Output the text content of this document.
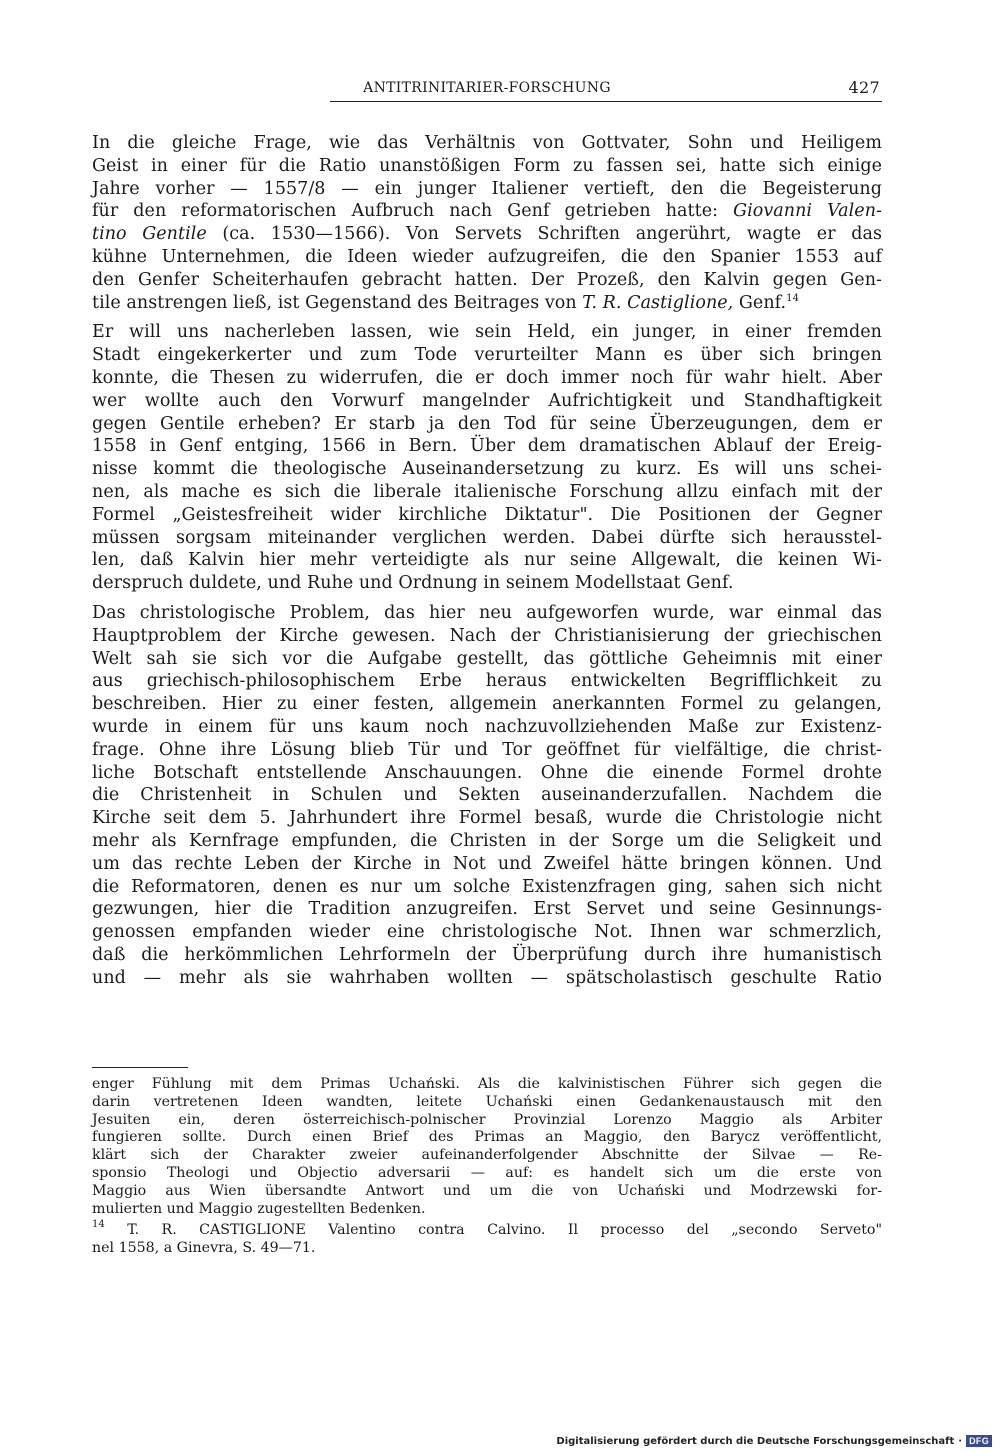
ANTITRINITARIER-FORSCHUNG	427
In die gleiche Frage, wie das Verhältnis von Gottvater, Sohn und Heiligem
Geist in einer für die Ratio unanstößigen Form zu fassen sei, hatte sich einige
Jahre vorher — 1557/8 — ein junger Italiener vertieft, den die Begeisterung
für den reformatorischen Aufbruch nach Genf getrieben hatte: Giovanni Valen-
tino Gentile (ca. 1530—1566). Von Servets Schriften angerührt, wagte er das
kühne Unternehmen, die Ideen wieder aufzugreifen, die den Spanier 1553 auf
den Genfer Scheiterhaufen gebracht hatten. Der Prozeß, den Kalvin gegen Gen-
tile anstrengen ließ, ist Gegenstand des Beitrages von T. R. Castiglione, Genf.$^{14}$
Er will uns nacherleben lassen, wie sein Held, ein junger, in einer fremden
Stadt eingekerkerter und zum Tode verurteilter Mann es über sich bringen
konnte, die Thesen zu widerrufen, die er doch immer noch für wahr hielt. Aber
wer wollte auch den Vorwurf mangelnder Aufrichtigkeit und Standhaftigkeit
gegen Gentile erheben? Er starb ja den Tod für seine Überzeugungen, dem er
1558 in Genf entging, 1566 in Bern. Über dem dramatischen Ablauf der Ereig-
nisse kommt die theologische Auseinandersetzung zu kurz. Es will uns schei-
nen, als mache es sich die liberale italienische Forschung allzu einfach mit der
Formel „Geistesfreiheit wider kirchliche Diktatur". Die Positionen der Gegner
müssen sorgsam miteinander verglichen werden. Dabei dürfte sich herausstel-
len, daß Kalvin hier mehr verteidigte als nur seine Allgewalt, die keinen Wi-
derspruch duldete, und Ruhe und Ordnung in seinem Modellstaat Genf.
Das christologische Problem, das hier neu aufgeworfen wurde, war einmal das
Hauptproblem der Kirche gewesen. Nach der Christianisierung der griechischen
Welt sah sie sich vor die Aufgabe gestellt, das göttliche Geheimnis mit einer
aus griechisch-philosophischem Erbe heraus entwickelten Begrifflichkeit zu
beschreiben. Hier zu einer festen, allgemein anerkannten Formel zu gelangen,
wurde in einem für uns kaum noch nachzuvollziehenden Maße zur Existenz-
frage. Ohne ihre Lösung blieb Tür und Tor geöffnet für vielfältige, die christ-
liche Botschaft entstellende Anschauungen. Ohne die einende Formel drohte
die Christenheit in Schulen und Sekten auseinanderzufallen. Nachdem die
Kirche seit dem 5. Jahrhundert ihre Formel besaß, wurde die Christologie nicht
mehr als Kernfrage empfunden, die Christen in der Sorge um die Seligkeit und
um das rechte Leben der Kirche in Not und Zweifel hätte bringen können. Und
die Reformatoren, denen es nur um solche Existenzfragen ging, sahen sich nicht
gezwungen, hier die Tradition anzugreifen. Erst Servet und seine Gesinnungs-
genossen empfanden wieder eine christologische Not. Ihnen war schmerzlich,
daß die herkömmlichen Lehrformeln der Überprüfung durch ihre humanistisch
und — mehr als sie wahrhaben wollten — spätscholastisch geschulte Ratio
enger Fühlung mit dem Primas Uchański. Als die kalvinistischen Führer sich gegen die
darin vertretenen Ideen wandten, leitete Uchański einen Gedankenaustausch mit den
Jesuiten ein, deren österreichisch-polnischer Provinzial Lorenzo Maggio als Arbiter
fungieren sollte. Durch einen Brief des Primas an Maggio, den Barycz veröffentlicht,
klärt sich der Charakter zweier aufeinanderfolgender Abschnitte der Silvae — Re-
sponsio Theologi und Objectio adversarii — auf: es handelt sich um die erste von
Maggio aus Wien übersandte Antwort und um die von Uchański und Modrzewski for-
mulierten und Maggio zugestellten Bedenken.
$^{14}$ T. R. CASTIGLIONE Valentino contra Calvino. Il processo del „secondo Serveto"
nel 1558, a Ginevra, S. 49—71.
Digitalisierung gefördert durch die Deutsche Forschungsgemeinschaft · DFG
